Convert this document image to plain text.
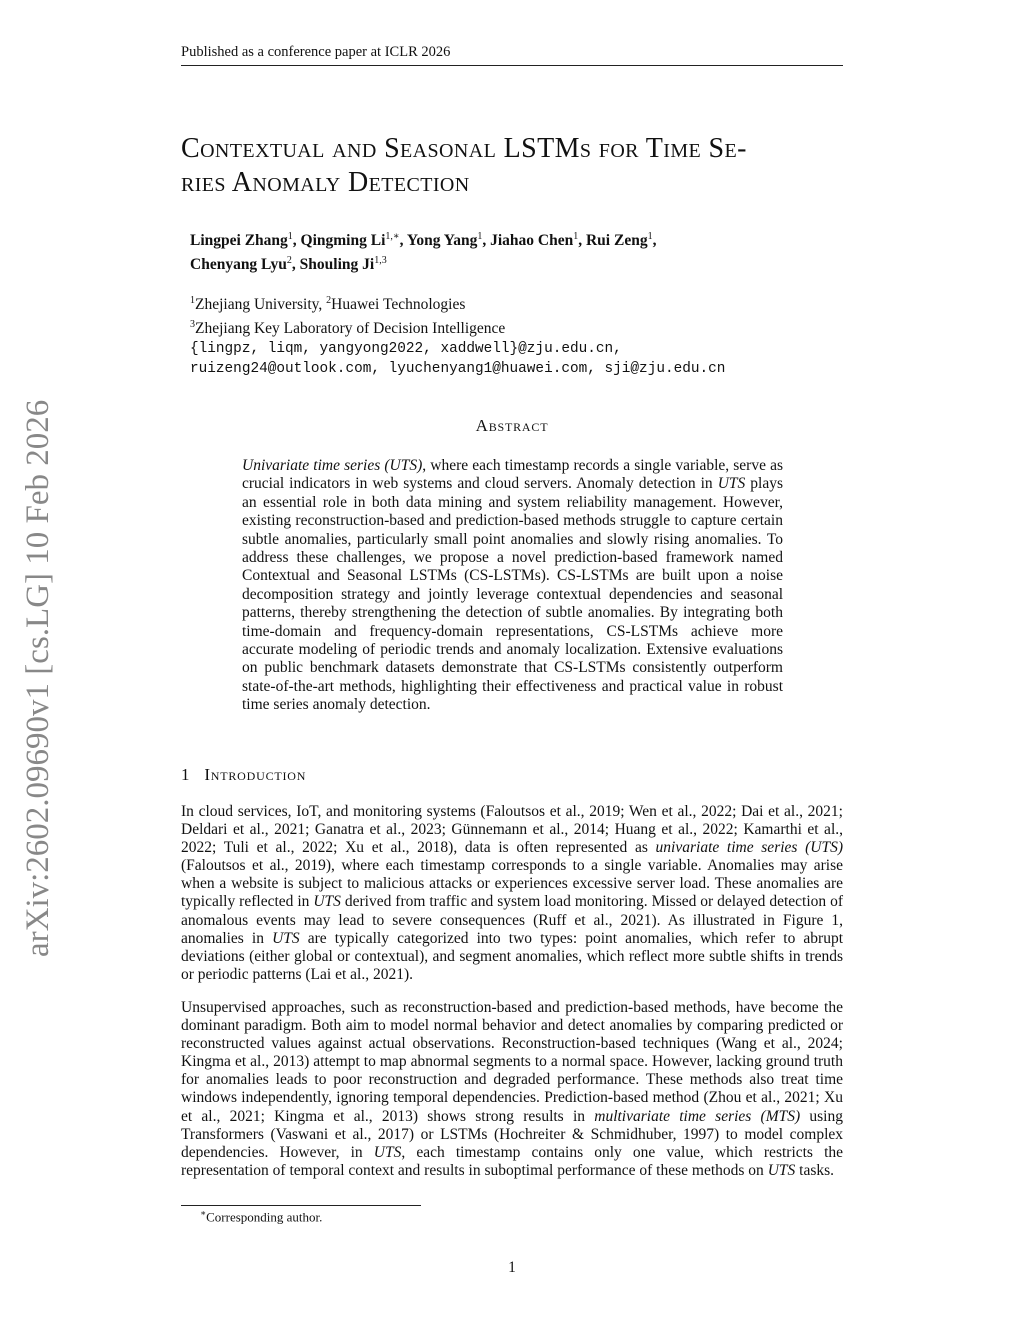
Published as a conference paper at ICLR 2026
arXiv:2602.09690v1 [cs.LG] 10 Feb 2026
Contextual and Seasonal LSTMs for Time Se-
ries Anomaly Detection
Lingpei Zhang$^1$, Qingming $Li^{1,∗}$, Yong Yang$^1$, Jiahao Chen$^1$, Rui Zeng$^1$,
Chenyang Lyu$^2$, Shouling Ji$^{1,3}$
$^1$Zhejiang University, $^2$Huawei Technologies
$^3$Zhejiang Key Laboratory of Decision Intelligence
{lingpz, liqm, yangyong2022, xaddwell}@zju.edu.cn,
ruizeng24@outlook.com, lyuchenyang1@huawei.com, sji@zju.edu.cn
Abstract
Univariate time series (UTS), where each timestamp records a single variable, serve as crucial indicators in web systems and cloud servers. Anomaly detection in UTS plays an essential role in both data mining and system reliability management. However, existing reconstruction-based and prediction-based methods struggle to capture certain subtle anomalies, particularly small point anomalies and slowly rising anomalies. To address these challenges, we propose a novel prediction-based framework named Contextual and Seasonal LSTMs (CS-LSTMs). CS-LSTMs are built upon a noise decomposition strategy and jointly leverage contextual dependencies and seasonal patterns, thereby strengthening the detection of subtle anomalies. By integrating both time-domain and frequency-domain representations, CS-LSTMs achieve more accurate modeling of periodic trends and anomaly localization. Extensive evaluations on public benchmark datasets demonstrate that CS-LSTMs consistently outperform state-of-the-art methods, highlighting their effectiveness and practical value in robust time series anomaly detection.
1 Introduction
In cloud services, IoT, and monitoring systems (Faloutsos et al., 2019; Wen et al., 2022; Dai et al., 2021; Deldari et al., 2021; Ganatra et al., 2023; Günnemann et al., 2014; Huang et al., 2022; Kamarthi et al., 2022; Tuli et al., 2022; Xu et al., 2018), data is often represented as univariate time series (UTS) (Faloutsos et al., 2019), where each timestamp corresponds to a single variable. Anomalies may arise when a website is subject to malicious attacks or experiences excessive server load. These anomalies are typically reflected in UTS derived from traffic and system load monitoring. Missed or delayed detection of anomalous events may lead to severe consequences (Ruff et al., 2021). As illustrated in Figure 1, anomalies in UTS are typically categorized into two types: point anomalies, which refer to abrupt deviations (either global or contextual), and segment anomalies, which reflect more subtle shifts in trends or periodic patterns (Lai et al., 2021).
Unsupervised approaches, such as reconstruction-based and prediction-based methods, have become the dominant paradigm. Both aim to model normal behavior and detect anomalies by comparing predicted or reconstructed values against actual observations. Reconstruction-based techniques (Wang et al., 2024; Kingma et al., 2013) attempt to map abnormal segments to a normal space. However, lacking ground truth for anomalies leads to poor reconstruction and degraded performance. These methods also treat time windows independently, ignoring temporal dependencies. Prediction-based method (Zhou et al., 2021; Xu et al., 2021; Kingma et al., 2013) shows strong results in multivariate time series (MTS) using Transformers (Vaswani et al., 2017) or LSTMs (Hochreiter & Schmidhuber, 1997) to model complex dependencies. However, in UTS, each timestamp contains only one value, which restricts the representation of temporal context and results in suboptimal performance of these methods on UTS tasks.
∗Corresponding author.
1
